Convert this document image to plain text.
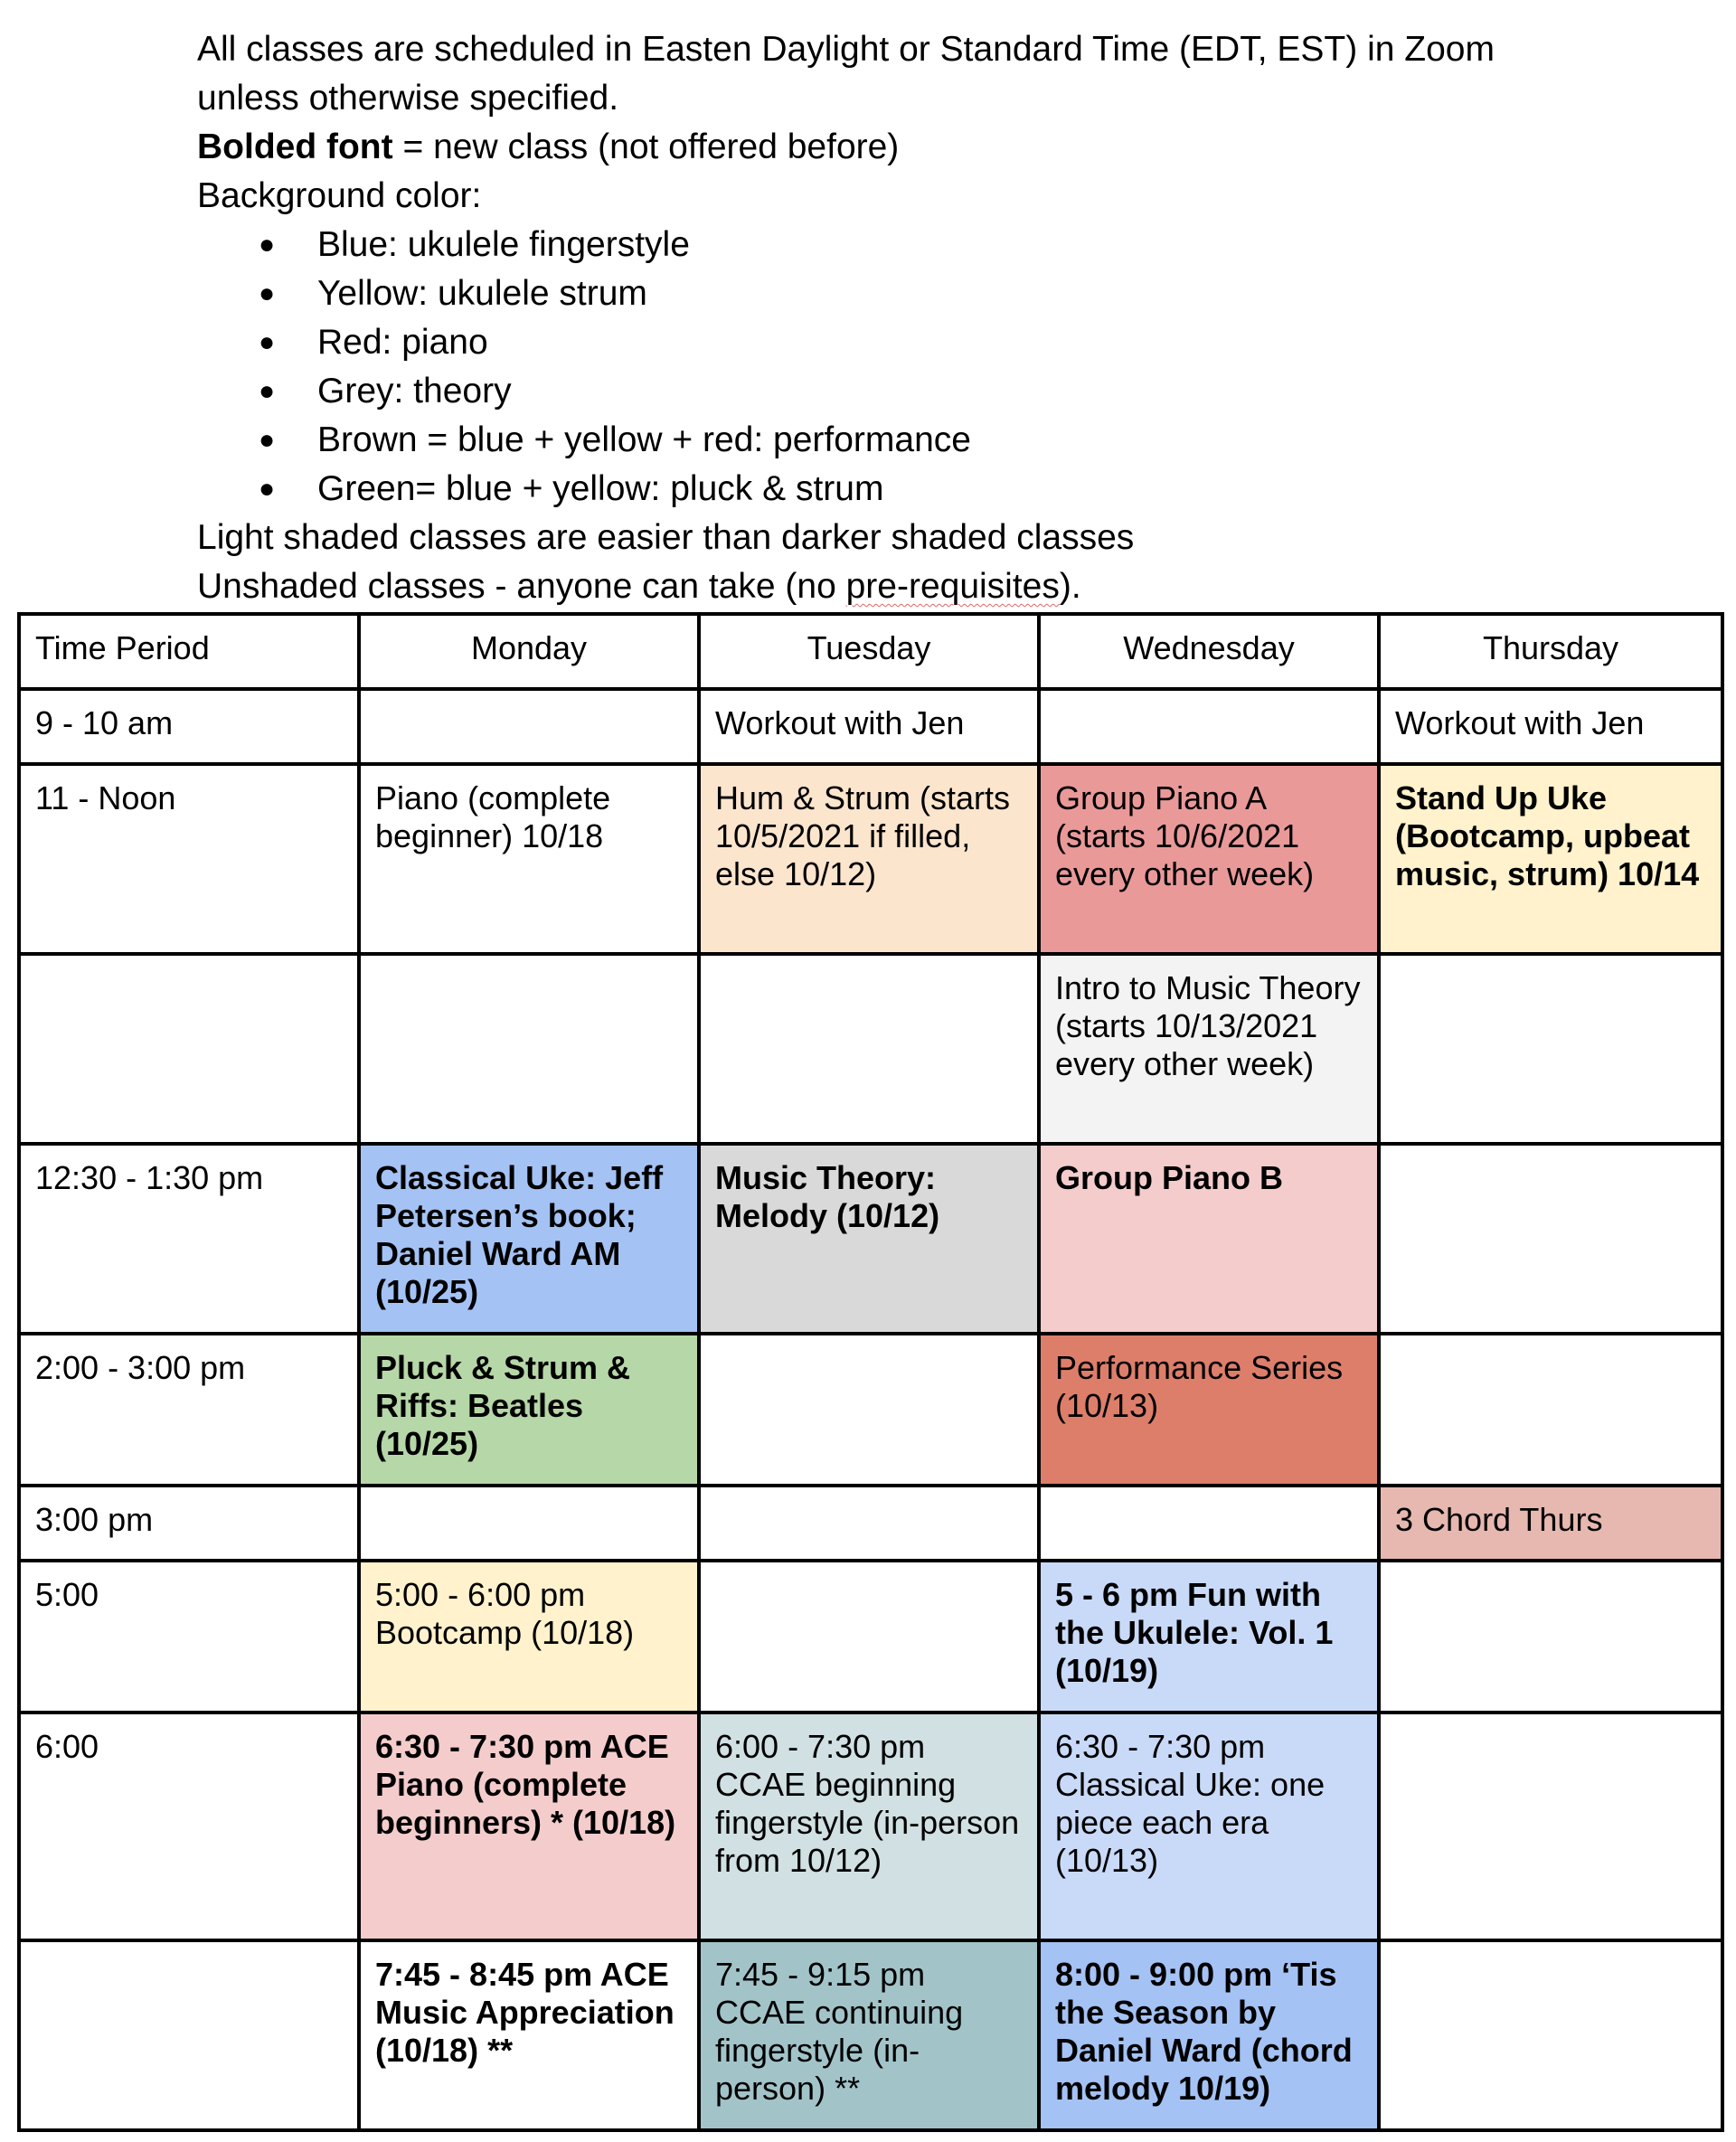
All classes are scheduled in Easten Daylight or Standard Time (EDT, EST) in Zoom

unless otherwise specified.

Bolded font = new class (not offered before)

Background color:

● Blue: ukulele fingerstyle
● Yellow: ukulele strum
● Red: piano
● Grey: theory
● Brown = blue + yellow + red: performance
● Green= blue + yellow: pluck & strum

Light shaded classes are easier than darker shaded classes

Unshaded classes - anyone can take (no pre-requisites).

Time Period	Monday	Tuesday	Wednesday	Thursday
9 - 10 am		Workout with Jen		Workout with Jen
11 - Noon	Piano (complete beginner) 10/18	Hum & Strum (starts 10/5/2021 if filled, else 10/12)	Group Piano A (starts 10/6/2021 every other week)	Stand Up Uke (Bootcamp, upbeat music, strum) 10/14
			Intro to Music Theory (starts 10/13/2021 every other week)	
12:30 - 1:30 pm	Classical Uke: Jeff Petersen’s book; Daniel Ward AM (10/25)	Music Theory: Melody (10/12)	Group Piano B	
2:00 - 3:00 pm	Pluck & Strum & Riffs: Beatles (10/25)		Performance Series (10/13)	
3:00 pm				3 Chord Thurs
5:00	5:00 - 6:00 pm Bootcamp (10/18)		5 - 6 pm Fun with the Ukulele: Vol. 1 (10/19)	
6:00	6:30 - 7:30 pm ACE Piano (complete beginners) * (10/18)	6:00 - 7:30 pm CCAE beginning fingerstyle (in-person from 10/12)	6:30 - 7:30 pm Classical Uke: one piece each era (10/13)	
	7:45 - 8:45 pm ACE Music Appreciation (10/18) **	7:45 - 9:15 pm CCAE continuing fingerstyle (in-person) **	8:00 - 9:00 pm ‘Tis the Season by Daniel Ward (chord melody 10/19)	
